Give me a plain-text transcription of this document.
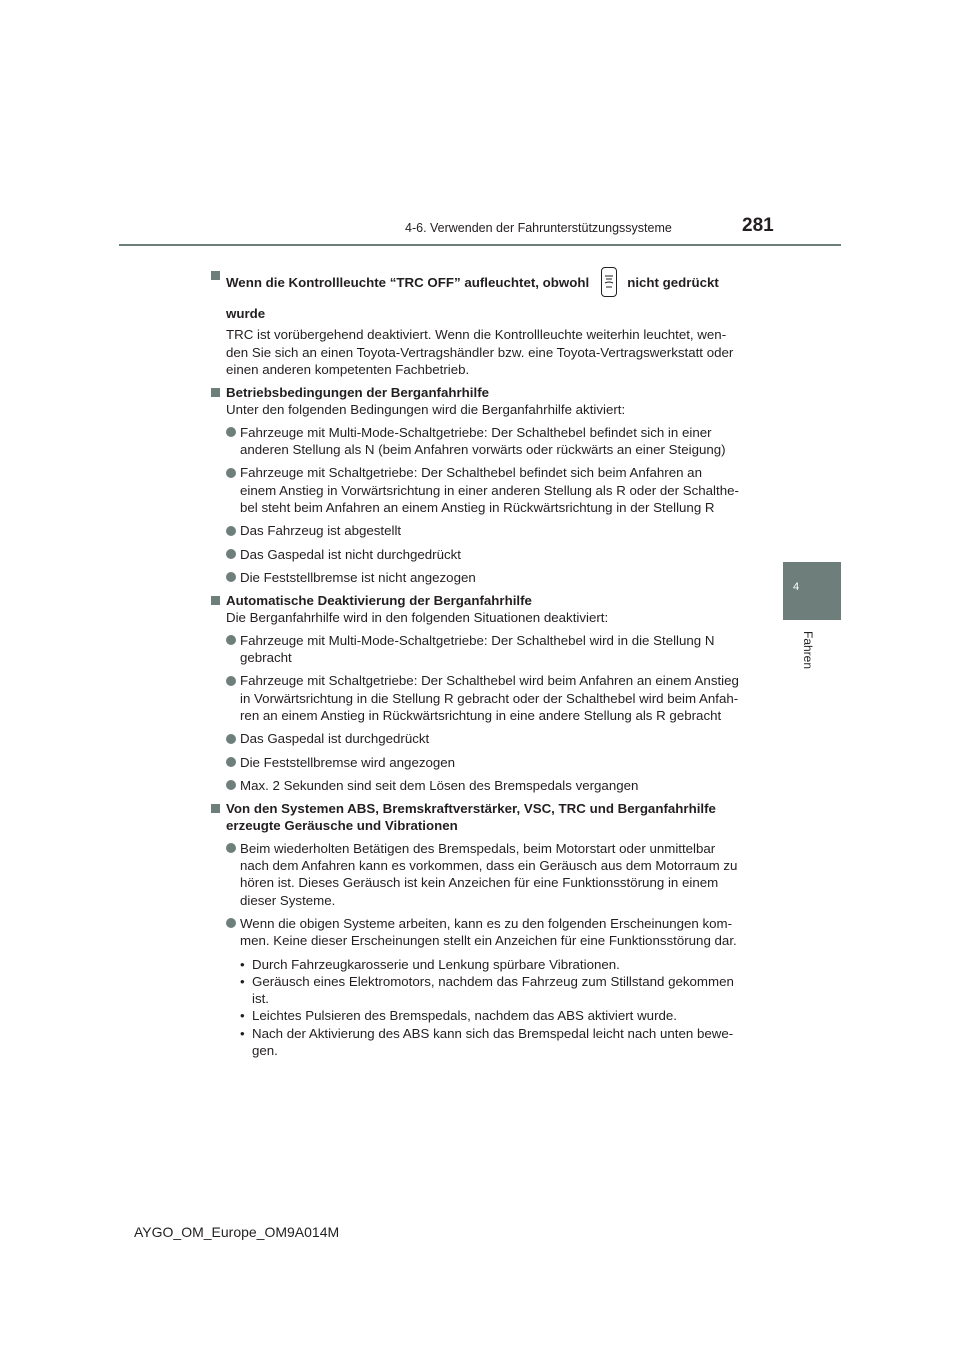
4-6. Verwenden der Fahrunterstützungssysteme	281
4
Fahren
Wenn die Kontrollleuchte “TRC OFF” aufleuchtet, obwohl	nicht gedrückt
wurde
TRC ist vorübergehend deaktiviert. Wenn die Kontrollleuchte weiterhin leuchtet, wen-
den Sie sich an einen Toyota-Vertragshändler bzw. eine Toyota-Vertragswerkstatt oder
einen anderen kompetenten Fachbetrieb.
Betriebsbedingungen der Berganfahrhilfe
Unter den folgenden Bedingungen wird die Berganfahrhilfe aktiviert:
Fahrzeuge mit Multi-Mode-Schaltgetriebe: Der Schalthebel befindet sich in einer
anderen Stellung als N (beim Anfahren vorwärts oder rückwärts an einer Steigung)
Fahrzeuge mit Schaltgetriebe: Der Schalthebel befindet sich beim Anfahren an
einem Anstieg in Vorwärtsrichtung in einer anderen Stellung als R oder der Schalthe-
bel steht beim Anfahren an einem Anstieg in Rückwärtsrichtung in der Stellung R
Das Fahrzeug ist abgestellt
Das Gaspedal ist nicht durchgedrückt
Die Feststellbremse ist nicht angezogen
Automatische Deaktivierung der Berganfahrhilfe
Die Berganfahrhilfe wird in den folgenden Situationen deaktiviert:
Fahrzeuge mit Multi-Mode-Schaltgetriebe: Der Schalthebel wird in die Stellung N
gebracht
Fahrzeuge mit Schaltgetriebe: Der Schalthebel wird beim Anfahren an einem Anstieg
in Vorwärtsrichtung in die Stellung R gebracht oder der Schalthebel wird beim Anfah-
ren an einem Anstieg in Rückwärtsrichtung in eine andere Stellung als R gebracht
Das Gaspedal ist durchgedrückt
Die Feststellbremse wird angezogen
Max. 2 Sekunden sind seit dem Lösen des Bremspedals vergangen
Von den Systemen ABS, Bremskraftverstärker, VSC, TRC und Berganfahrhilfe
erzeugte Geräusche und Vibrationen
Beim wiederholten Betätigen des Bremspedals, beim Motorstart oder unmittelbar
nach dem Anfahren kann es vorkommen, dass ein Geräusch aus dem Motorraum zu
hören ist. Dieses Geräusch ist kein Anzeichen für eine Funktionsstörung in einem
dieser Systeme.
Wenn die obigen Systeme arbeiten, kann es zu den folgenden Erscheinungen kom-
men. Keine dieser Erscheinungen stellt ein Anzeichen für eine Funktionsstörung dar.
• Durch Fahrzeugkarosserie und Lenkung spürbare Vibrationen.
• Geräusch eines Elektromotors, nachdem das Fahrzeug zum Stillstand gekommen
ist.
• Leichtes Pulsieren des Bremspedals, nachdem das ABS aktiviert wurde.
• Nach der Aktivierung des ABS kann sich das Bremspedal leicht nach unten bewe-
gen.
AYGO_OM_Europe_OM9A014M
